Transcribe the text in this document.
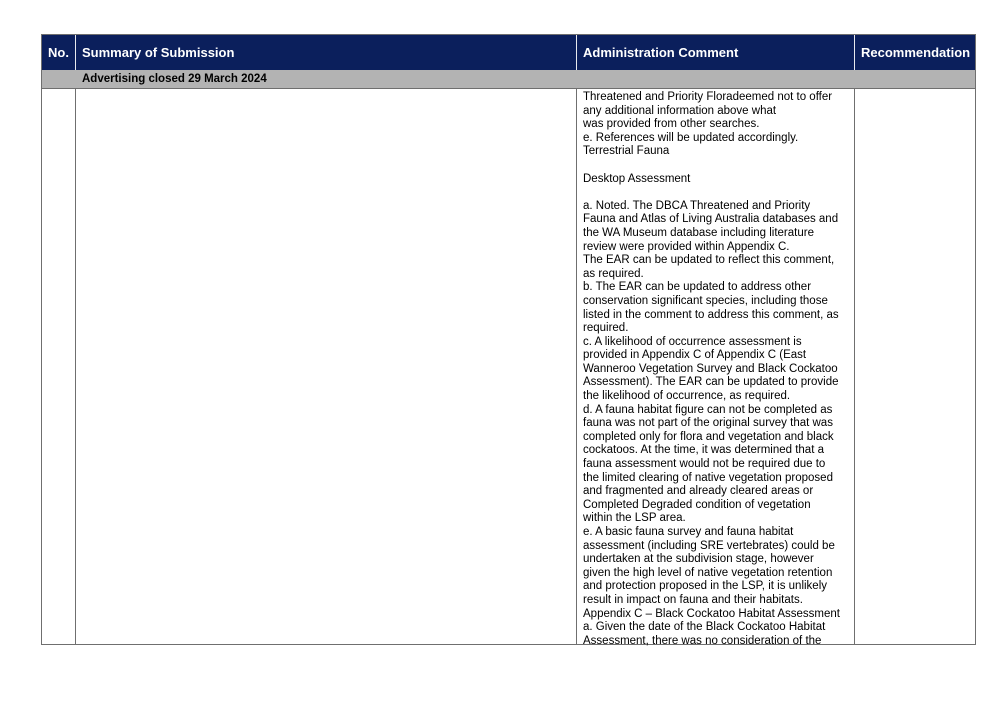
No. Summary of Submission	Administration Comment	Recommendation
Advertising closed 29 March 2024
Threatened and Priority Floradeemed not to offer
any additional information above what
was provided from other searches.
e. References will be updated accordingly.
Terrestrial Fauna
Desktop Assessment
a. Noted. The DBCA Threatened and Priority
Fauna and Atlas of Living Australia databases and
the WA Museum database including literature
review were provided within Appendix C.
The EAR can be updated to reflect this comment,
as required.
b. The EAR can be updated to address other
conservation significant species, including those
listed in the comment to address this comment, as
required.
c. A likelihood of occurrence assessment is
provided in Appendix C of Appendix C (East
Wanneroo Vegetation Survey and Black Cockatoo
Assessment). The EAR can be updated to provide
the likelihood of occurrence, as required.
d. A fauna habitat figure can not be completed as
fauna was not part of the original survey that was
completed only for flora and vegetation and black
cockatoos. At the time, it was determined that a
fauna assessment would not be required due to
the limited clearing of native vegetation proposed
and fragmented and already cleared areas or
Completed Degraded condition of vegetation
within the LSP area.
e. A basic fauna survey and fauna habitat
assessment (including SRE vertebrates) could be
undertaken at the subdivision stage, however
given the high level of native vegetation retention
and protection proposed in the LSP, it is unlikely
result in impact on fauna and their habitats.
Appendix C – Black Cockatoo Habitat Assessment
a. Given the date of the Black Cockatoo Habitat
Assessment, there was no consideration of the
